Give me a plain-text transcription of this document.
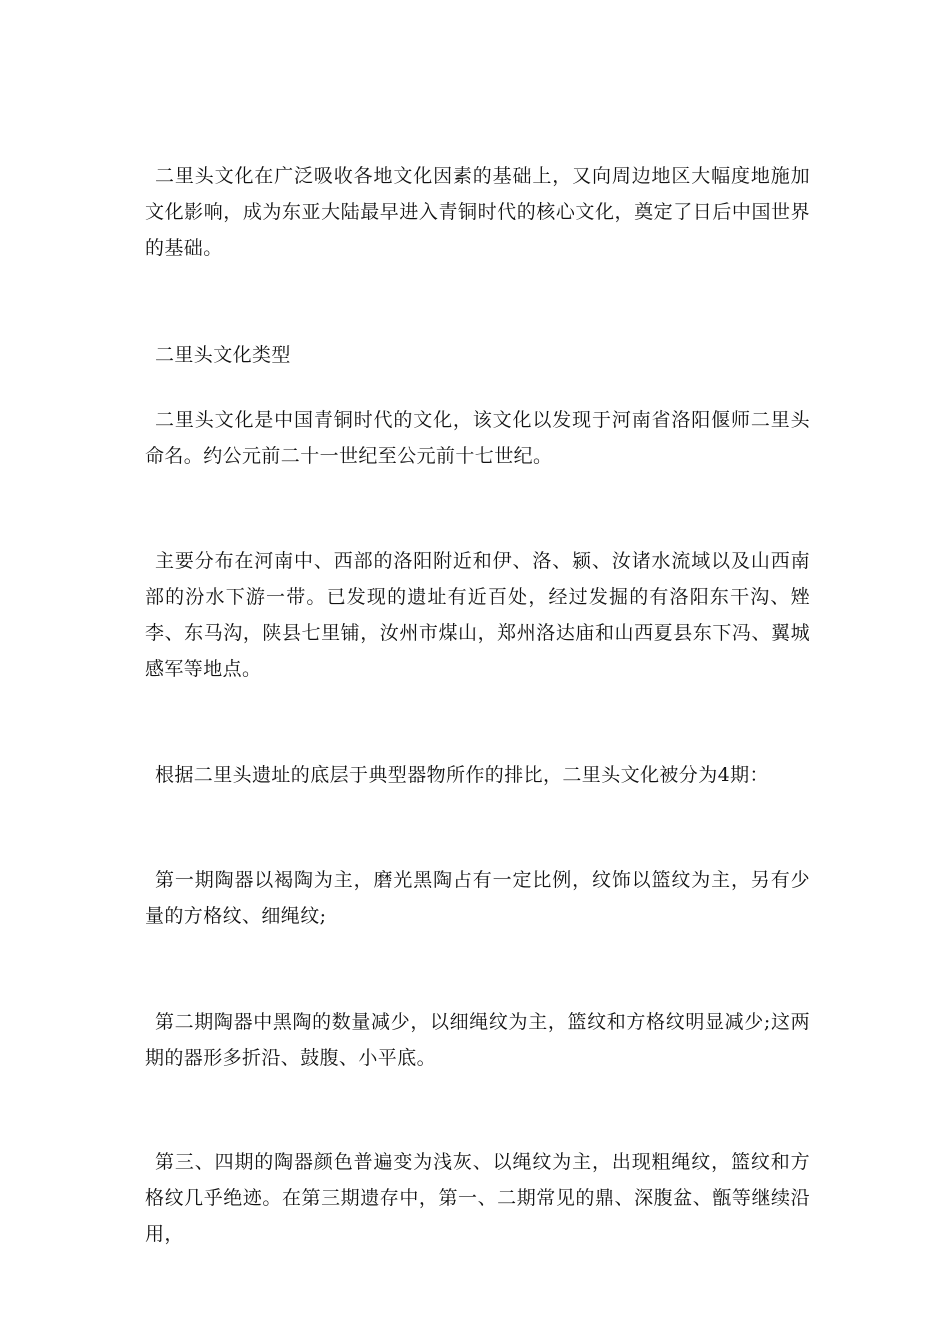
二里头文化在广泛吸收各地文化因素的基础上，又向周边地区大幅度地施加文化影响，成为东亚大陆最早进入青铜时代的核心文化，奠定了日后中国世界的基础。

二里头文化类型

二里头文化是中国青铜时代的文化，该文化以发现于河南省洛阳偃师二里头命名。约公元前二十一世纪至公元前十七世纪。

主要分布在河南中、西部的洛阳附近和伊、洛、颍、汝诸水流域以及山西南部的汾水下游一带。已发现的遗址有近百处，经过发掘的有洛阳东干沟、矬李、东马沟，陕县七里铺，汝州市煤山，郑州洛达庙和山西夏县东下冯、翼城感军等地点。

根据二里头遗址的底层于典型器物所作的排比，二里头文化被分为4期：

第一期陶器以褐陶为主，磨光黑陶占有一定比例，纹饰以篮纹为主，另有少量的方格纹、细绳纹;

第二期陶器中黑陶的数量减少，以细绳纹为主，篮纹和方格纹明显减少;这两期的器形多折沿、鼓腹、小平底。

第三、四期的陶器颜色普遍变为浅灰、以绳纹为主，出现粗绳纹，篮纹和方格纹几乎绝迹。在第三期遗存中，第一、二期常见的鼎、深腹盆、甑等继续沿用，
